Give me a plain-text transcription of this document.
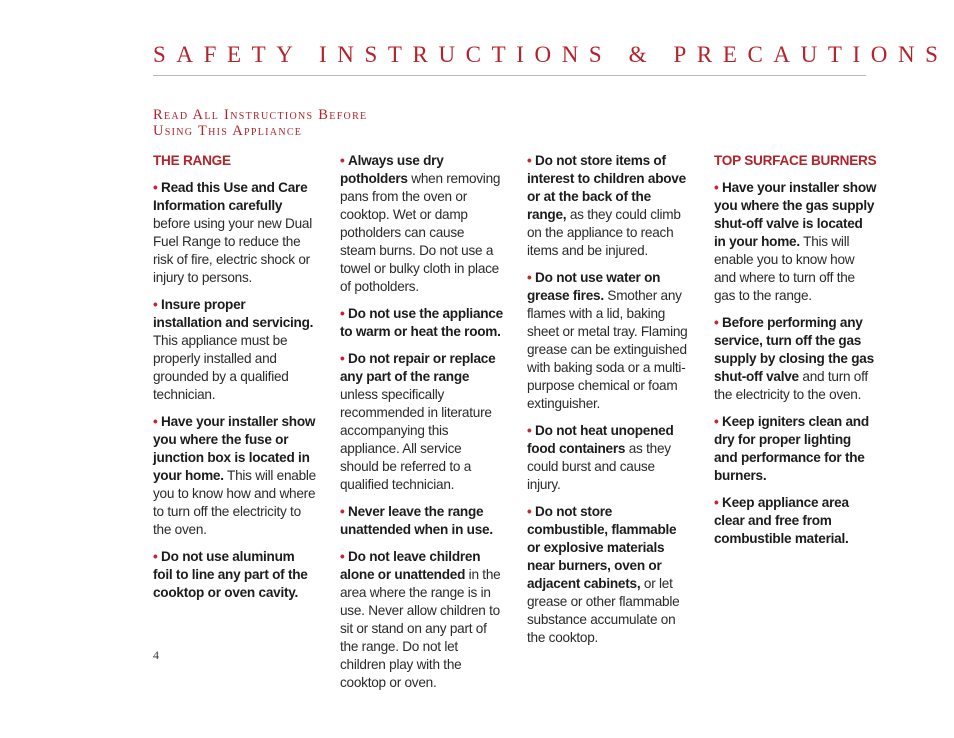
SAFETY INSTRUCTIONS & PRECAUTIONS
Read All Instructions Before
Using This Appliance
THE RANGE

• Read this Use and Care Information carefully before using your new Dual Fuel Range to reduce the risk of fire, electric shock or injury to persons.

• Insure proper installation and servicing. This appliance must be properly installed and grounded by a qualified technician.

• Have your installer show you where the fuse or junction box is located in your home. This will enable you to know how and where to turn off the electricity to the oven.

• Do not use aluminum foil to line any part of the cooktop or oven cavity.

• Always use dry potholders when removing pans from the oven or cooktop. Wet or damp potholders can cause steam burns. Do not use a towel or bulky cloth in place of potholders.

• Do not use the appliance to warm or heat the room.

• Do not repair or replace any part of the range unless specifically recommended in literature accompanying this appliance. All service should be referred to a qualified technician.

• Never leave the range unattended when in use.

• Do not leave children alone or unattended in the area where the range is in use. Never allow children to sit or stand on any part of the range. Do not let children play with the cooktop or oven.

• Do not store items of interest to children above or at the back of the range, as they could climb on the appliance to reach items and be injured.

• Do not use water on grease fires. Smother any flames with a lid, baking sheet or metal tray. Flaming grease can be extinguished with baking soda or a multi-purpose chemical or foam extinguisher.

• Do not heat unopened food containers as they could burst and cause injury.

• Do not store combustible, flammable or explosive materials near burners, oven or adjacent cabinets, or let grease or other flammable substance accumulate on the cooktop.

TOP SURFACE BURNERS

• Have your installer show you where the gas supply shut-off valve is located in your home. This will enable you to know how and where to turn off the gas to the range.

• Before performing any service, turn off the gas supply by closing the gas shut-off valve and turn off the electricity to the oven.

• Keep igniters clean and dry for proper lighting and performance for the burners.

• Keep appliance area clear and free from combustible material.

4
